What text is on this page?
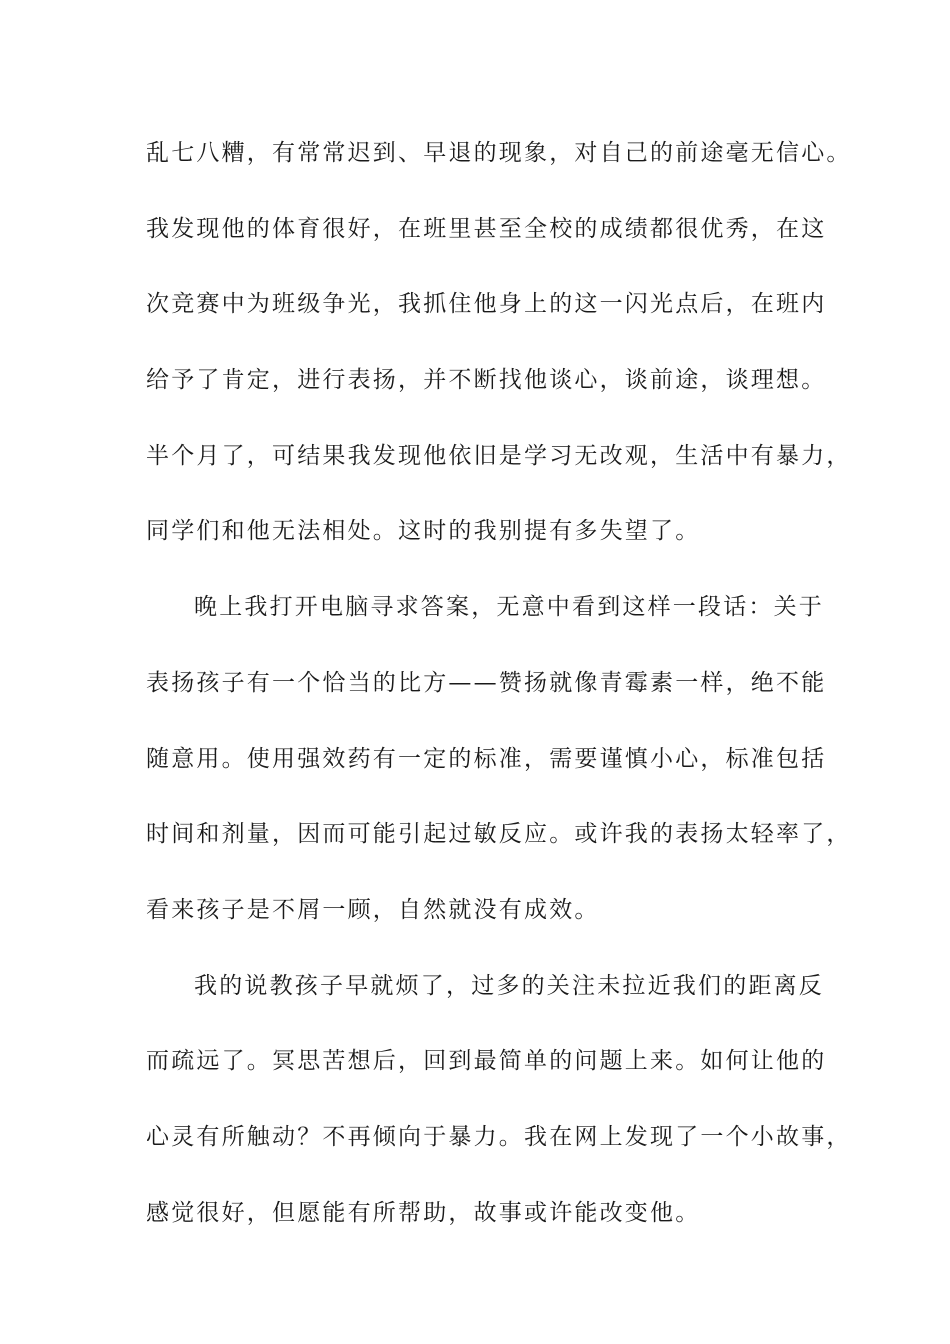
乱七八糟，有常常迟到、早退的现象，对自己的前途毫无信心。
我发现他的体育很好，在班里甚至全校的成绩都很优秀，在这
次竞赛中为班级争光，我抓住他身上的这一闪光点后，在班内
给予了肯定，进行表扬，并不断找他谈心，谈前途，谈理想。
半个月了，可结果我发现他依旧是学习无改观，生活中有暴力，
同学们和他无法相处。这时的我别提有多失望了。
晚上我打开电脑寻求答案，无意中看到这样一段话：关于
表扬孩子有一个恰当的比方——赞扬就像青霉素一样，绝不能
随意用。使用强效药有一定的标准，需要谨慎小心，标准包括
时间和剂量，因而可能引起过敏反应。或许我的表扬太轻率了，
看来孩子是不屑一顾，自然就没有成效。
我的说教孩子早就烦了，过多的关注未拉近我们的距离反
而疏远了。冥思苦想后，回到最简单的问题上来。如何让他的
心灵有所触动？不再倾向于暴力。我在网上发现了一个小故事，
感觉很好，但愿能有所帮助，故事或许能改变他。
